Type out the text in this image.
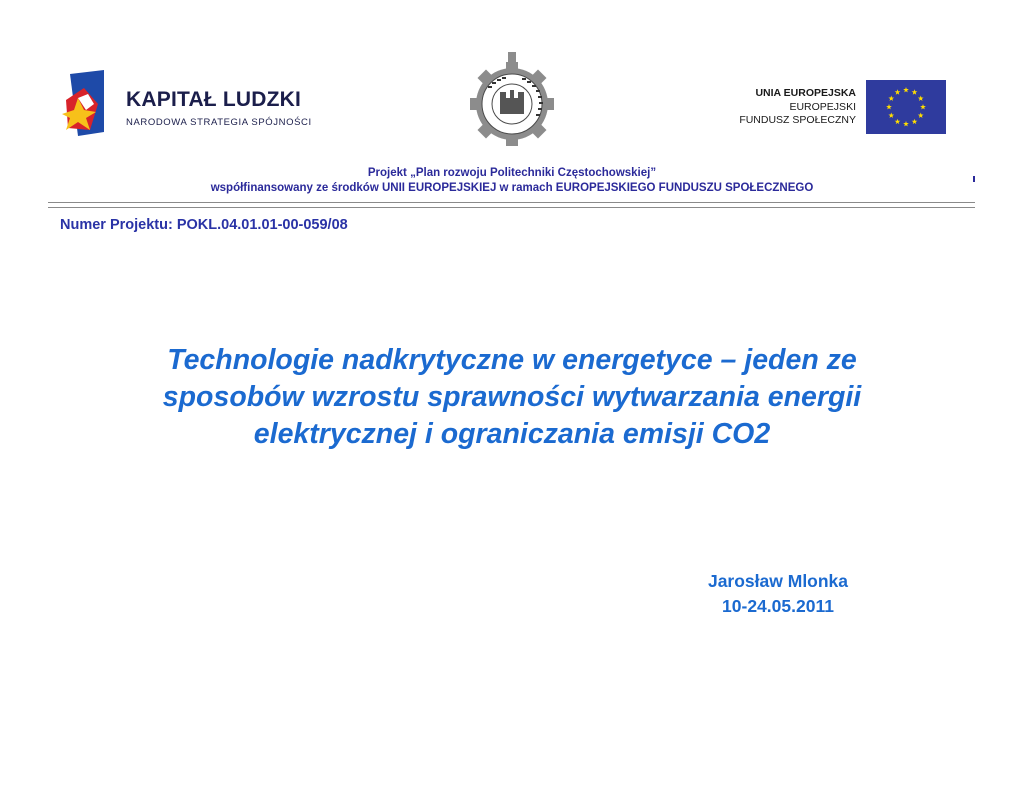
KAPITAŁ LUDZKI
NARODOWA STRATEGIA SPÓJNOŚCI
UNIA EUROPEJSKA
EUROPEJSKI
FUNDUSZ SPOŁECZNY
Projekt „Plan rozwoju Politechniki Częstochowskiej”
współfinansowany ze środków UNII EUROPEJSKIEJ w ramach EUROPEJSKIEGO FUNDUSZU SPOŁECZNEGO
Numer Projektu: POKL.04.01.01-00-059/08
Technologie nadkrytyczne w energetyce – jeden ze
sposobów wzrostu sprawności wytwarzania energii
elektrycznej i ograniczania emisji CO2
Jarosław Mlonka
10-24.05.2011
